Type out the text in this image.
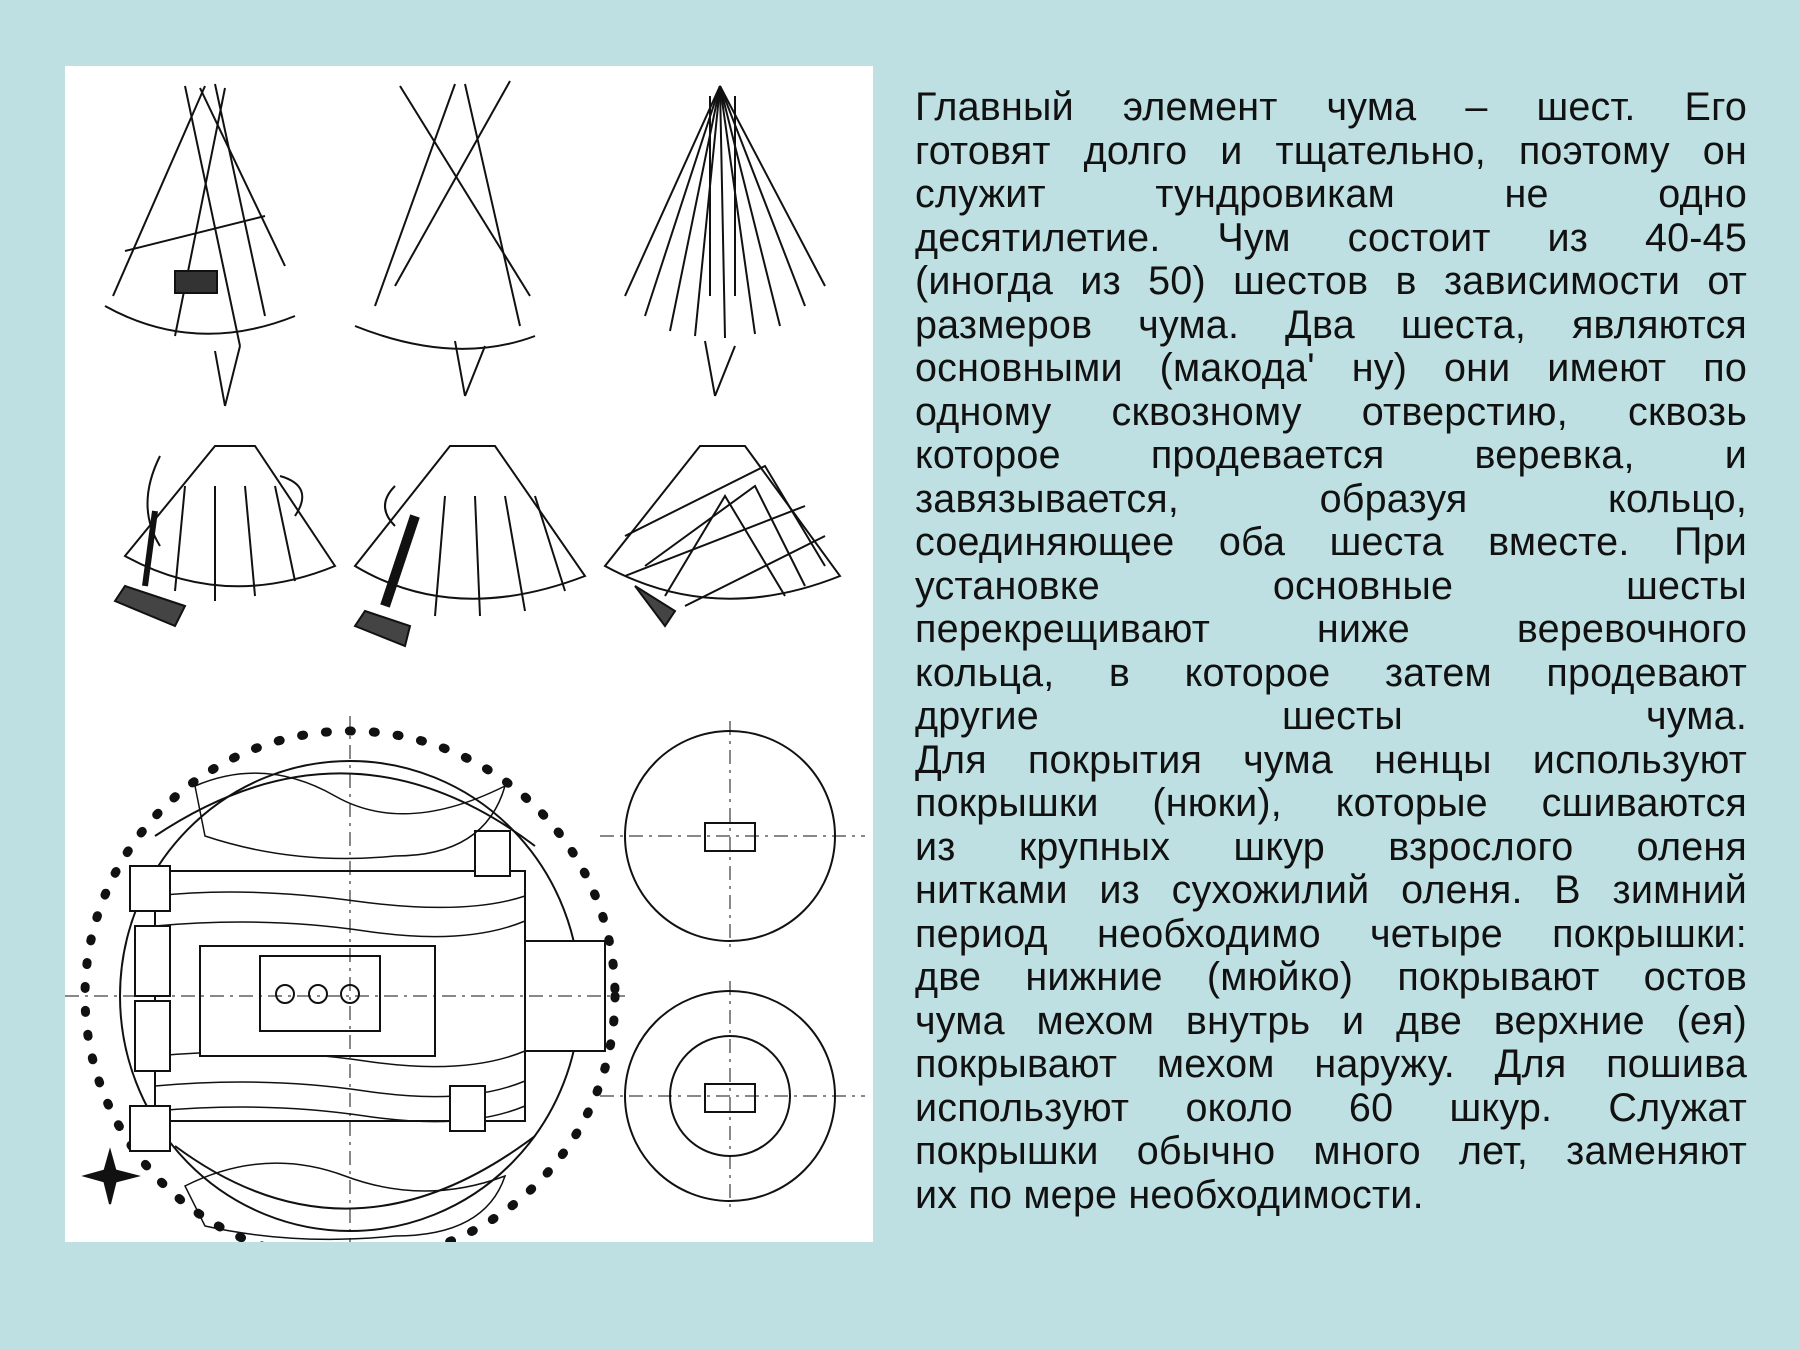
Главный элемент чума – шест. Его
готовят долго и тщательно, поэтому он
служит тундровикам не одно
десятилетие. Чум состоит из 40-45
(иногда из 50) шестов в зависимости от
размеров чума. Два шеста, являются
основными (макода' ну) они имеют по
одному сквозному отверстию, сквозь
которое продевается веревка, и
завязывается, образуя кольцо,
соединяющее оба шеста вместе. При
установке основные шесты
перекрещивают ниже веревочного
кольца, в которое затем продевают
другие шесты чума.
Для покрытия чума ненцы используют
покрышки (нюки), которые сшиваются
из крупных шкур взрослого оленя
нитками из сухожилий оленя. В зимний
период необходимо четыре покрышки:
две нижние (мюйко) покрывают остов
чума мехом внутрь и две верхние (ея)
покрывают мехом наружу. Для пошива
используют около 60 шкур. Служат
покрышки обычно много лет, заменяют
их по мере необходимости.
